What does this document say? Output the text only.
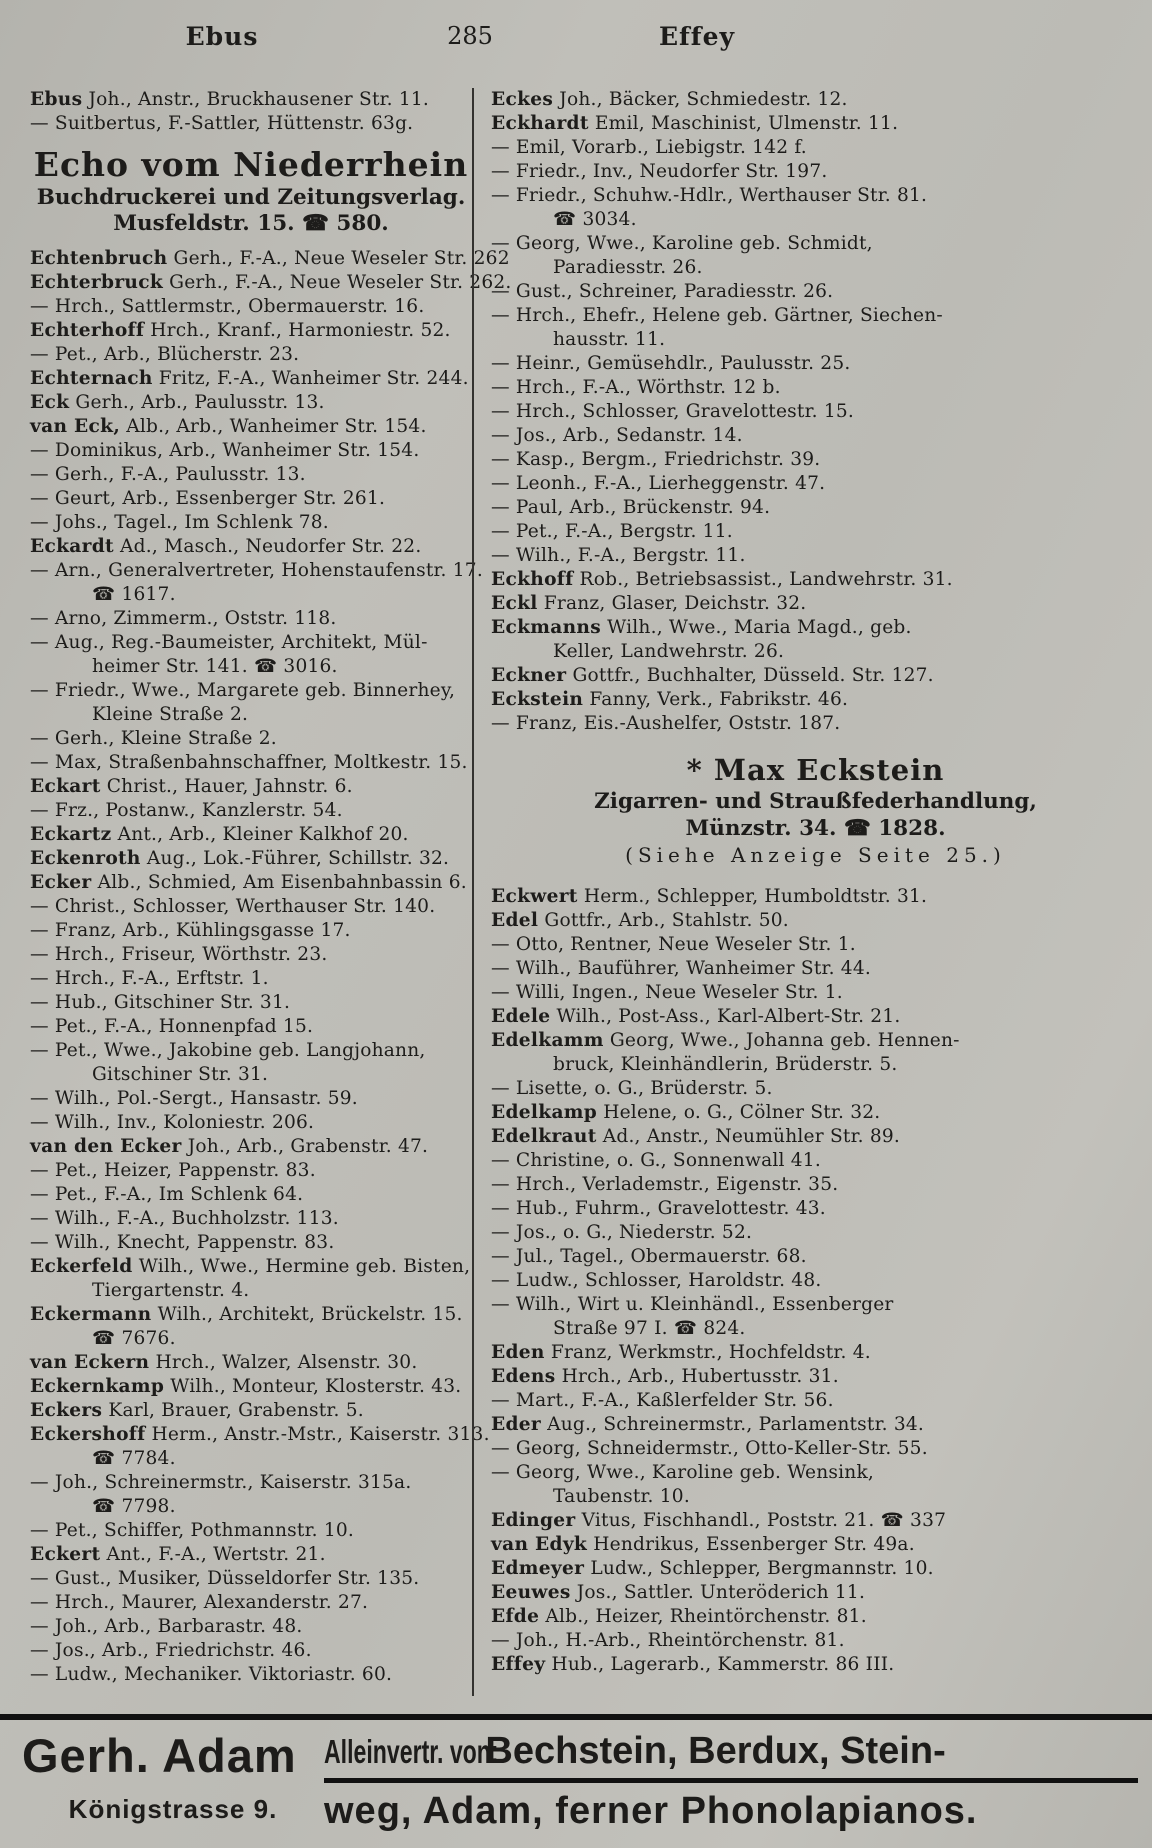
Ebus	285	Effey
Ebus Joh., Anstr., Bruckhausener Str. 11.
— Suitbertus, F.-Sattler, Hüttenstr. 63g.
Echo vom Niederrhein
Buchdruckerei und Zeitungsverlag.
Musfeldstr. 15. ☎ 580.
Echtenbruch Gerh., F.-A., Neue Weseler Str. 262
Echterbruck Gerh., F.-A., Neue Weseler Str. 262.
— Hrch., Sattlermstr., Obermauerstr. 16.
Echterhoff Hrch., Kranf., Harmoniestr. 52.
— Pet., Arb., Blücherstr. 23.
Echternach Fritz, F.-A., Wanheimer Str. 244.
Eck Gerh., Arb., Paulusstr. 13.
van Eck, Alb., Arb., Wanheimer Str. 154.
— Dominikus, Arb., Wanheimer Str. 154.
— Gerh., F.-A., Paulusstr. 13.
— Geurt, Arb., Essenberger Str. 261.
— Johs., Tagel., Im Schlenk 78.
Eckardt Ad., Masch., Neudorfer Str. 22.
— Arn., Generalvertreter, Hohenstaufenstr. 17.
☎ 1617.
— Arno, Zimmerm., Oststr. 118.
— Aug., Reg.-Baumeister, Architekt, Mül-
heimer Str. 141. ☎ 3016.
— Friedr., Wwe., Margarete geb. Binnerhey,
Kleine Straße 2.
— Gerh., Kleine Straße 2.
— Max, Straßenbahnschaffner, Moltkestr. 15.
Eckart Christ., Hauer, Jahnstr. 6.
— Frz., Postanw., Kanzlerstr. 54.
Eckartz Ant., Arb., Kleiner Kalkhof 20.
Eckenroth Aug., Lok.-Führer, Schillstr. 32.
Ecker Alb., Schmied, Am Eisenbahnbassin 6.
— Christ., Schlosser, Werthauser Str. 140.
— Franz, Arb., Kühlingsgasse 17.
— Hrch., Friseur, Wörthstr. 23.
— Hrch., F.-A., Erftstr. 1.
— Hub., Gitschiner Str. 31.
— Pet., F.-A., Honnenpfad 15.
— Pet., Wwe., Jakobine geb. Langjohann,
Gitschiner Str. 31.
— Wilh., Pol.-Sergt., Hansastr. 59.
— Wilh., Inv., Koloniestr. 206.
van den Ecker Joh., Arb., Grabenstr. 47.
— Pet., Heizer, Pappenstr. 83.
— Pet., F.-A., Im Schlenk 64.
— Wilh., F.-A., Buchholzstr. 113.
— Wilh., Knecht, Pappenstr. 83.
Eckerfeld Wilh., Wwe., Hermine geb. Bisten,
Tiergartenstr. 4.
Eckermann Wilh., Architekt, Brückelstr. 15.
☎ 7676.
van Eckern Hrch., Walzer, Alsenstr. 30.
Eckernkamp Wilh., Monteur, Klosterstr. 43.
Eckers Karl, Brauer, Grabenstr. 5.
Eckershoff Herm., Anstr.-Mstr., Kaiserstr. 313.
☎ 7784.
— Joh., Schreinermstr., Kaiserstr. 315a.
☎ 7798.
— Pet., Schiffer, Pothmannstr. 10.
Eckert Ant., F.-A., Wertstr. 21.
— Gust., Musiker, Düsseldorfer Str. 135.
— Hrch., Maurer, Alexanderstr. 27.
— Joh., Arb., Barbarastr. 48.
— Jos., Arb., Friedrichstr. 46.
— Ludw., Mechaniker. Viktoriastr. 60.
Eckes Joh., Bäcker, Schmiedestr. 12.
Eckhardt Emil, Maschinist, Ulmenstr. 11.
— Emil, Vorarb., Liebigstr. 142 f.
— Friedr., Inv., Neudorfer Str. 197.
— Friedr., Schuhw.-Hdlr., Werthauser Str. 81.
☎ 3034.
— Georg, Wwe., Karoline geb. Schmidt,
Paradiesstr. 26.
— Gust., Schreiner, Paradiesstr. 26.
— Hrch., Ehefr., Helene geb. Gärtner, Siechen-
hausstr. 11.
— Heinr., Gemüsehdlr., Paulusstr. 25.
— Hrch., F.-A., Wörthstr. 12 b.
— Hrch., Schlosser, Gravelottestr. 15.
— Jos., Arb., Sedanstr. 14.
— Kasp., Bergm., Friedrichstr. 39.
— Leonh., F.-A., Lierheggenstr. 47.
— Paul, Arb., Brückenstr. 94.
— Pet., F.-A., Bergstr. 11.
— Wilh., F.-A., Bergstr. 11.
Eckhoff Rob., Betriebsassist., Landwehrstr. 31.
Eckl Franz, Glaser, Deichstr. 32.
Eckmanns Wilh., Wwe., Maria Magd., geb.
Keller, Landwehrstr. 26.
Eckner Gottfr., Buchhalter, Düsseld. Str. 127.
Eckstein Fanny, Verk., Fabrikstr. 46.
— Franz, Eis.-Aushelfer, Oststr. 187.
* Max Eckstein
Zigarren- und Straußfederhandlung,
Münzstr. 34. ☎ 1828.
(Siehe Anzeige Seite 25.)
Eckwert Herm., Schlepper, Humboldtstr. 31.
Edel Gottfr., Arb., Stahlstr. 50.
— Otto, Rentner, Neue Weseler Str. 1.
— Wilh., Bauführer, Wanheimer Str. 44.
— Willi, Ingen., Neue Weseler Str. 1.
Edele Wilh., Post-Ass., Karl-Albert-Str. 21.
Edelkamm Georg, Wwe., Johanna geb. Hennen-
bruck, Kleinhändlerin, Brüderstr. 5.
— Lisette, o. G., Brüderstr. 5.
Edelkamp Helene, o. G., Cölner Str. 32.
Edelkraut Ad., Anstr., Neumühler Str. 89.
— Christine, o. G., Sonnenwall 41.
— Hrch., Verlademstr., Eigenstr. 35.
— Hub., Fuhrm., Gravelottestr. 43.
— Jos., o. G., Niederstr. 52.
— Jul., Tagel., Obermauerstr. 68.
— Ludw., Schlosser, Haroldstr. 48.
— Wilh., Wirt u. Kleinhändl., Essenberger
Straße 97 I. ☎ 824.
Eden Franz, Werkmstr., Hochfeldstr. 4.
Edens Hrch., Arb., Hubertusstr. 31.
— Mart., F.-A., Kaßlerfelder Str. 56.
Eder Aug., Schreinermstr., Parlamentstr. 34.
— Georg, Schneidermstr., Otto-Keller-Str. 55.
— Georg, Wwe., Karoline geb. Wensink,
Taubenstr. 10.
Edinger Vitus, Fischhandl., Poststr. 21. ☎ 337
van Edyk Hendrikus, Essenberger Str. 49a.
Edmeyer Ludw., Schlepper, Bergmannstr. 10.
Eeuwes Jos., Sattler. Unteröderich 11.
Efde Alb., Heizer, Rheintörchenstr. 81.
— Joh., H.-Arb., Rheintörchenstr. 81.
Effey Hub., Lagerarb., Kammerstr. 86 III.
Gerh. Adam
Königstrasse 9.
Alleinvertr. von:Bechstein, Berdux, Stein-
weg, Adam, ferner Phonolapianos.
